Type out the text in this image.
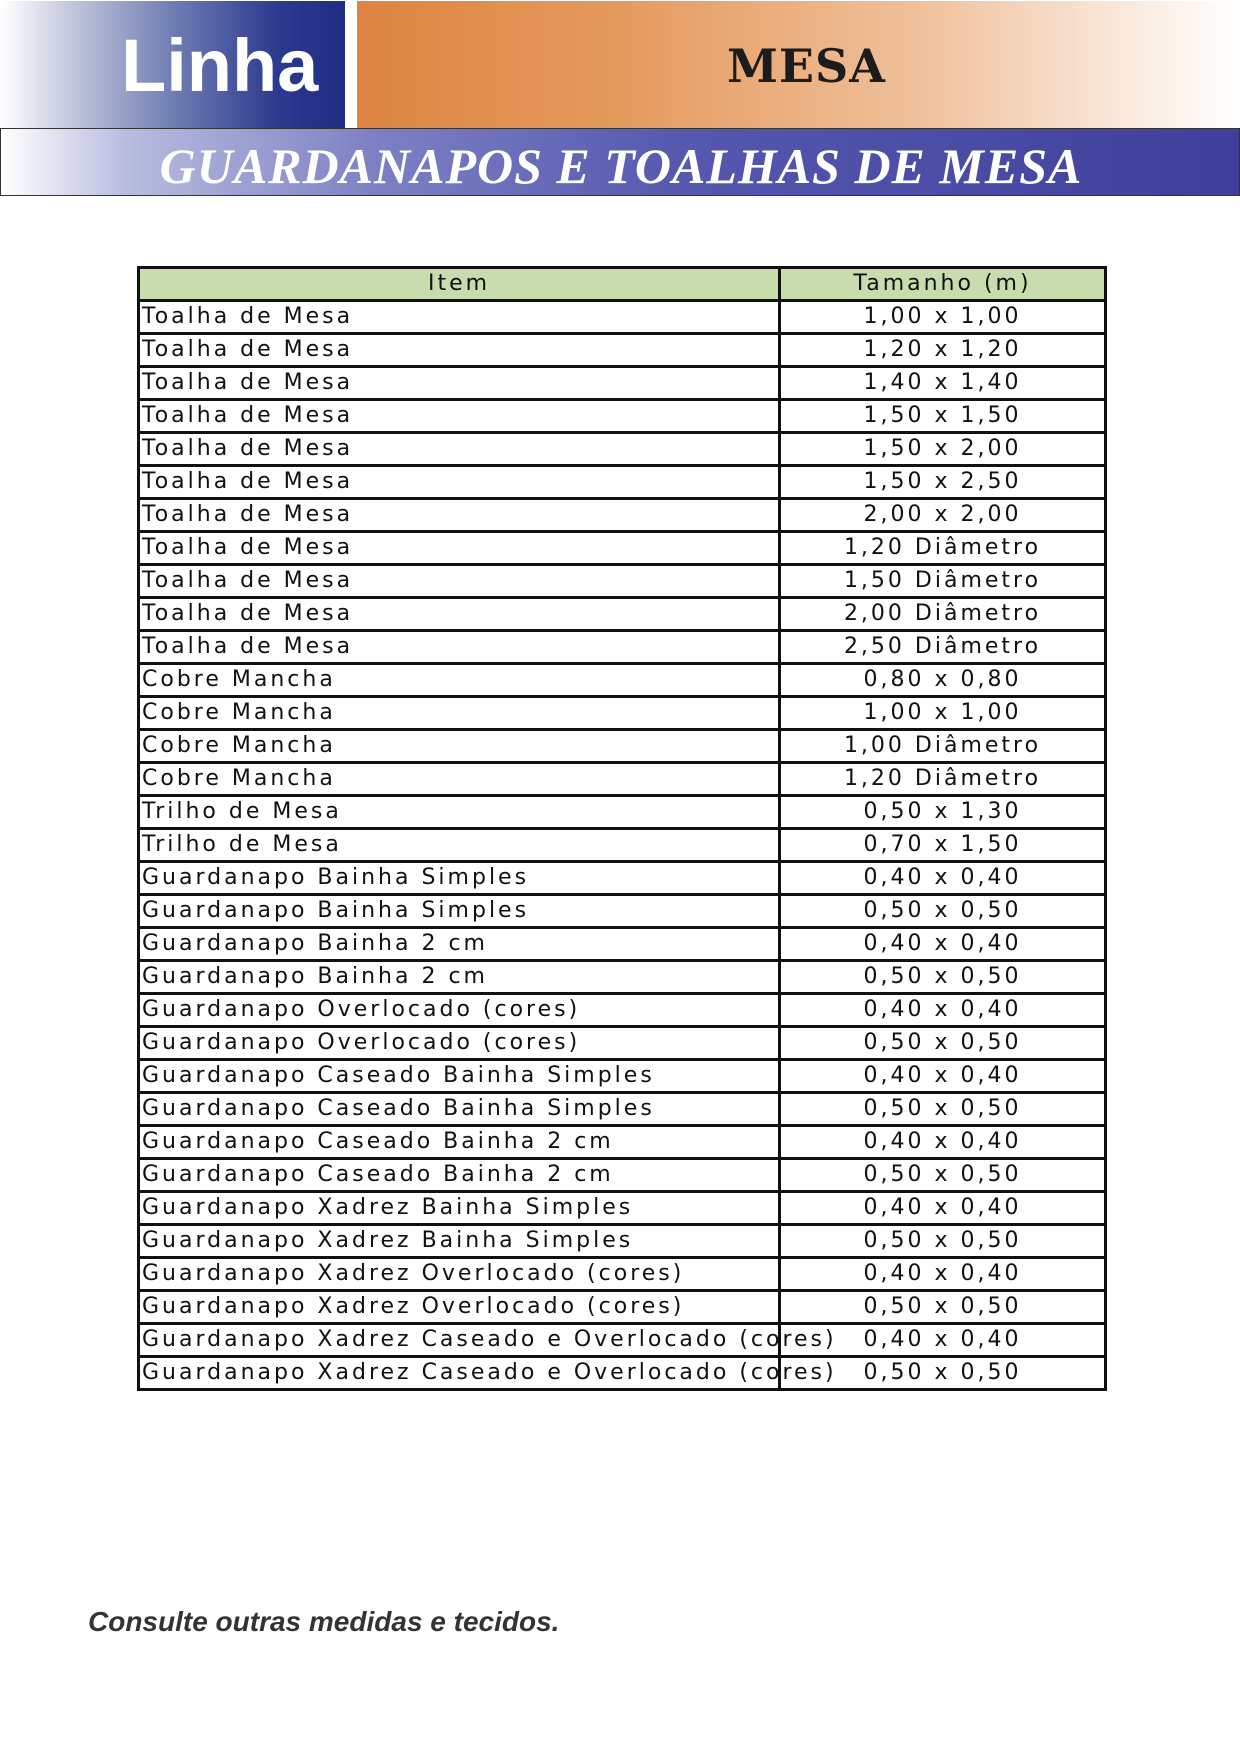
Linha	MESA
GUARDANAPOS E TOALHAS DE MESA
Item	Tamanho (m)
Toalha de Mesa	1,00 x 1,00
Toalha de Mesa	1,20 x 1,20
Toalha de Mesa	1,40 x 1,40
Toalha de Mesa	1,50 x 1,50
Toalha de Mesa	1,50 x 2,00
Toalha de Mesa	1,50 x 2,50
Toalha de Mesa	2,00 x 2,00
Toalha de Mesa	1,20 Diâmetro
Toalha de Mesa	1,50 Diâmetro
Toalha de Mesa	2,00 Diâmetro
Toalha de Mesa	2,50 Diâmetro
Cobre Mancha	0,80 x 0,80
Cobre Mancha	1,00 x 1,00
Cobre Mancha	1,00 Diâmetro
Cobre Mancha	1,20 Diâmetro
Trilho de Mesa	0,50 x 1,30
Trilho de Mesa	0,70 x 1,50
Guardanapo Bainha Simples	0,40 x 0,40
Guardanapo Bainha Simples	0,50 x 0,50
Guardanapo Bainha 2 cm	0,40 x 0,40
Guardanapo Bainha 2 cm	0,50 x 0,50
Guardanapo Overlocado (cores)	0,40 x 0,40
Guardanapo Overlocado (cores)	0,50 x 0,50
Guardanapo Caseado Bainha Simples	0,40 x 0,40
Guardanapo Caseado Bainha Simples	0,50 x 0,50
Guardanapo Caseado Bainha 2 cm	0,40 x 0,40
Guardanapo Caseado Bainha 2 cm	0,50 x 0,50
Guardanapo Xadrez Bainha Simples	0,40 x 0,40
Guardanapo Xadrez Bainha Simples	0,50 x 0,50
Guardanapo Xadrez Overlocado (cores)	0,40 x 0,40
Guardanapo Xadrez Overlocado (cores)	0,50 x 0,50
Guardanapo Xadrez Caseado e Overlocado (cores)	0,40 x 0,40
Guardanapo Xadrez Caseado e Overlocado (cores)	0,50 x 0,50
Consulte outras medidas e tecidos.
